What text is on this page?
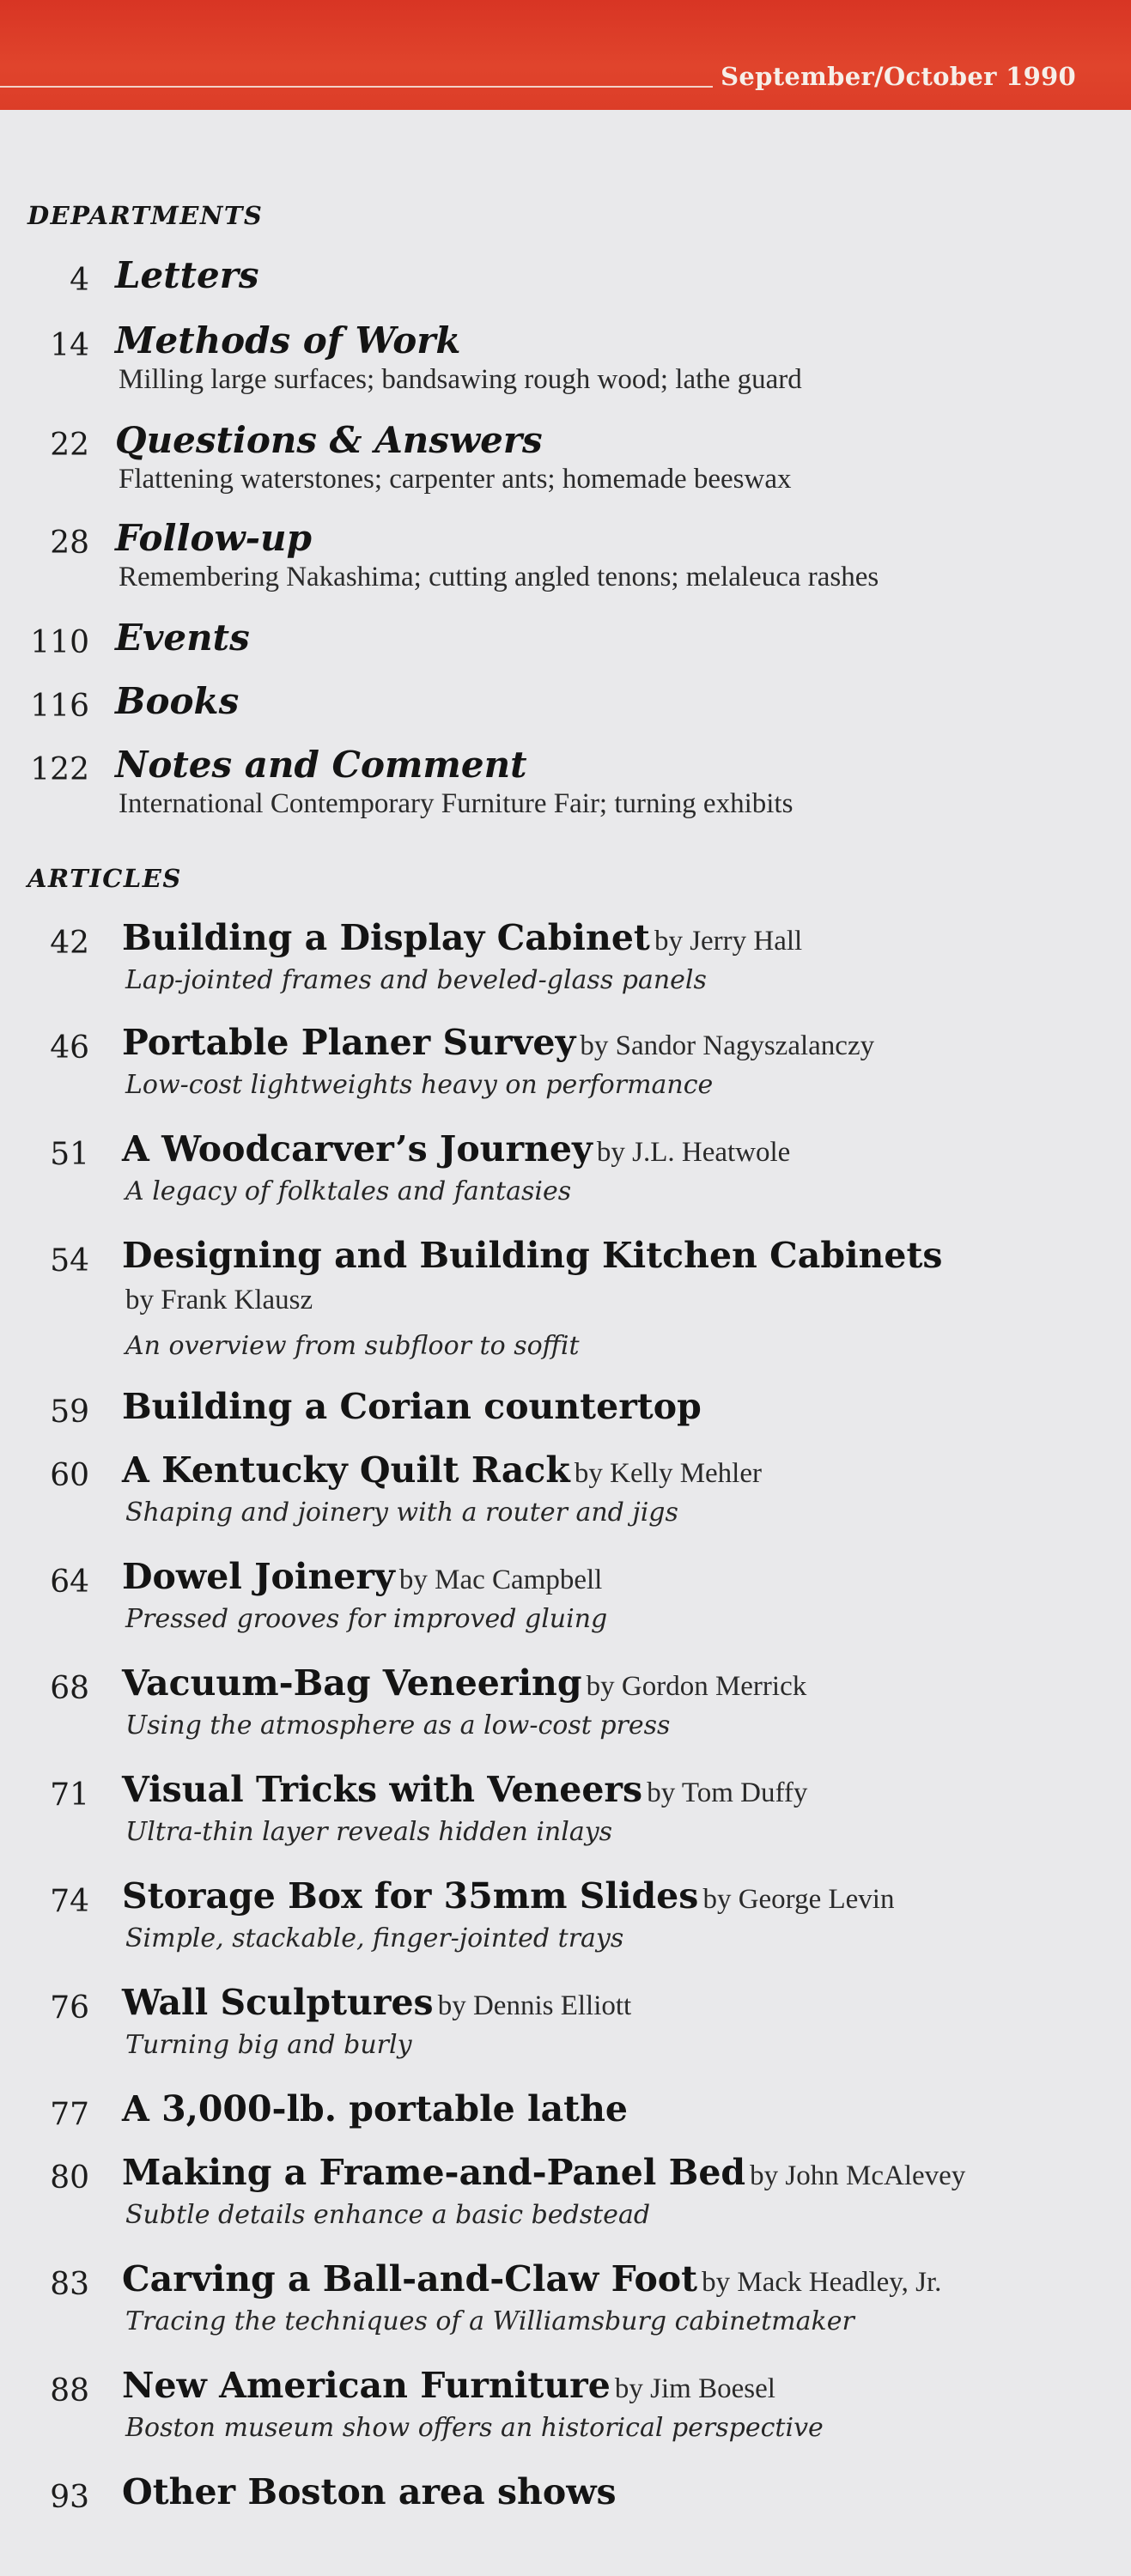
September/October 1990
DEPARTMENTS
4 Letters
14 Methods of Work
Milling large surfaces; bandsawing rough wood; lathe guard
22 Questions & Answers
Flattening waterstones; carpenter ants; homemade beeswax
28 Follow-up
Remembering Nakashima; cutting angled tenons; melaleuca rashes
110 Events
116 Books
122 Notes and Comment
International Contemporary Furniture Fair; turning exhibits
ARTICLES
42 Building a Display Cabinet by Jerry Hall
Lap-jointed frames and beveled-glass panels
46 Portable Planer Survey by Sandor Nagyszalanczy
Low-cost lightweights heavy on performance
51 A Woodcarver’s Journey by J.L. Heatwole
A legacy of folktales and fantasies
54 Designing and Building Kitchen Cabinets
by Frank Klausz
An overview from subfloor to soffit
59 Building a Corian countertop
60 A Kentucky Quilt Rack by Kelly Mehler
Shaping and joinery with a router and jigs
64 Dowel Joinery by Mac Campbell
Pressed grooves for improved gluing
68 Vacuum-Bag Veneering by Gordon Merrick
Using the atmosphere as a low-cost press
71 Visual Tricks with Veneers by Tom Duffy
Ultra-thin layer reveals hidden inlays
74 Storage Box for 35mm Slides by George Levin
Simple, stackable, finger-jointed trays
76 Wall Sculptures by Dennis Elliott
Turning big and burly
77 A 3,000-lb. portable lathe
80 Making a Frame-and-Panel Bed by John McAlevey
Subtle details enhance a basic bedstead
83 Carving a Ball-and-Claw Foot by Mack Headley, Jr.
Tracing the techniques of a Williamsburg cabinetmaker
88 New American Furniture by Jim Boesel
Boston museum show offers an historical perspective
93 Other Boston area shows
